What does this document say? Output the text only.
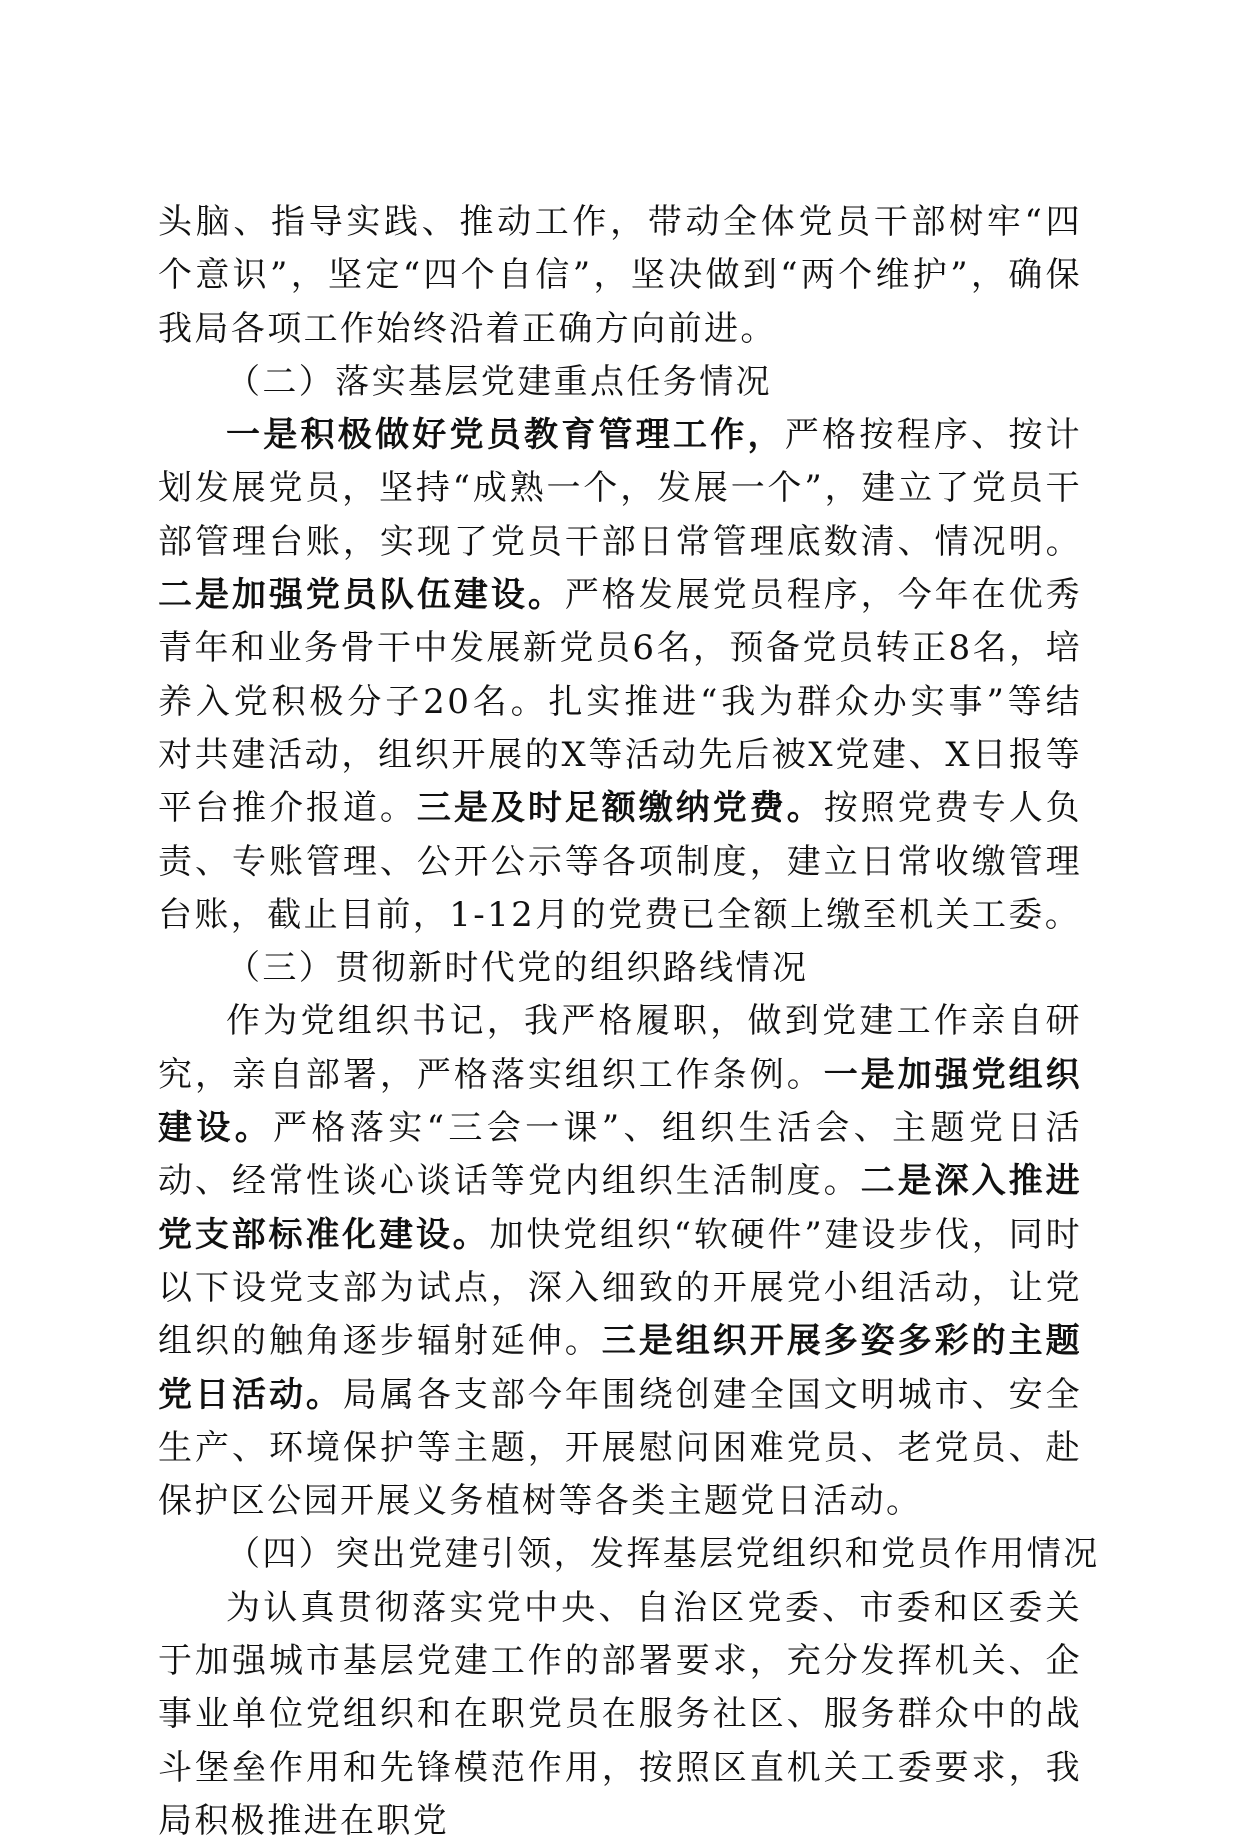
头脑、指导实践、推动工作，带动全体党员干部树牢“四个意识”，坚定“四个自信”，坚决做到“两个维护”，确保我局各项工作始终沿着正确方向前进。

（二）落实基层党建重点任务情况

一是积极做好党员教育管理工作，严格按程序、按计划发展党员，坚持“成熟一个，发展一个”，建立了党员干部管理台账，实现了党员干部日常管理底数清、情况明。二是加强党员队伍建设。严格发展党员程序，今年在优秀青年和业务骨干中发展新党员6名，预备党员转正8名，培养入党积极分子20名。扎实推进“我为群众办实事”等结对共建活动，组织开展的X等活动先后被X党建、X日报等平台推介报道。三是及时足额缴纳党费。按照党费专人负责、专账管理、公开公示等各项制度，建立日常收缴管理台账，截止目前，1-12月的党费已全额上缴至机关工委。

（三）贯彻新时代党的组织路线情况

作为党组织书记，我严格履职，做到党建工作亲自研究，亲自部署，严格落实组织工作条例。一是加强党组织建设。严格落实“三会一课”、组织生活会、主题党日活动、经常性谈心谈话等党内组织生活制度。二是深入推进党支部标准化建设。加快党组织“软硬件”建设步伐，同时以下设党支部为试点，深入细致的开展党小组活动，让党组织的触角逐步辐射延伸。三是组织开展多姿多彩的主题党日活动。局属各支部今年围绕创建全国文明城市、安全生产、环境保护等主题，开展慰问困难党员、老党员、赴保护区公园开展义务植树等各类主题党日活动。

（四）突出党建引领，发挥基层党组织和党员作用情况

为认真贯彻落实党中央、自治区党委、市委和区委关于加强城市基层党建工作的部署要求，充分发挥机关、企事业单位党组织和在职党员在服务社区、服务群众中的战斗堡垒作用和先锋模范作用，按照区直机关工委要求，我局积极推进在职党
